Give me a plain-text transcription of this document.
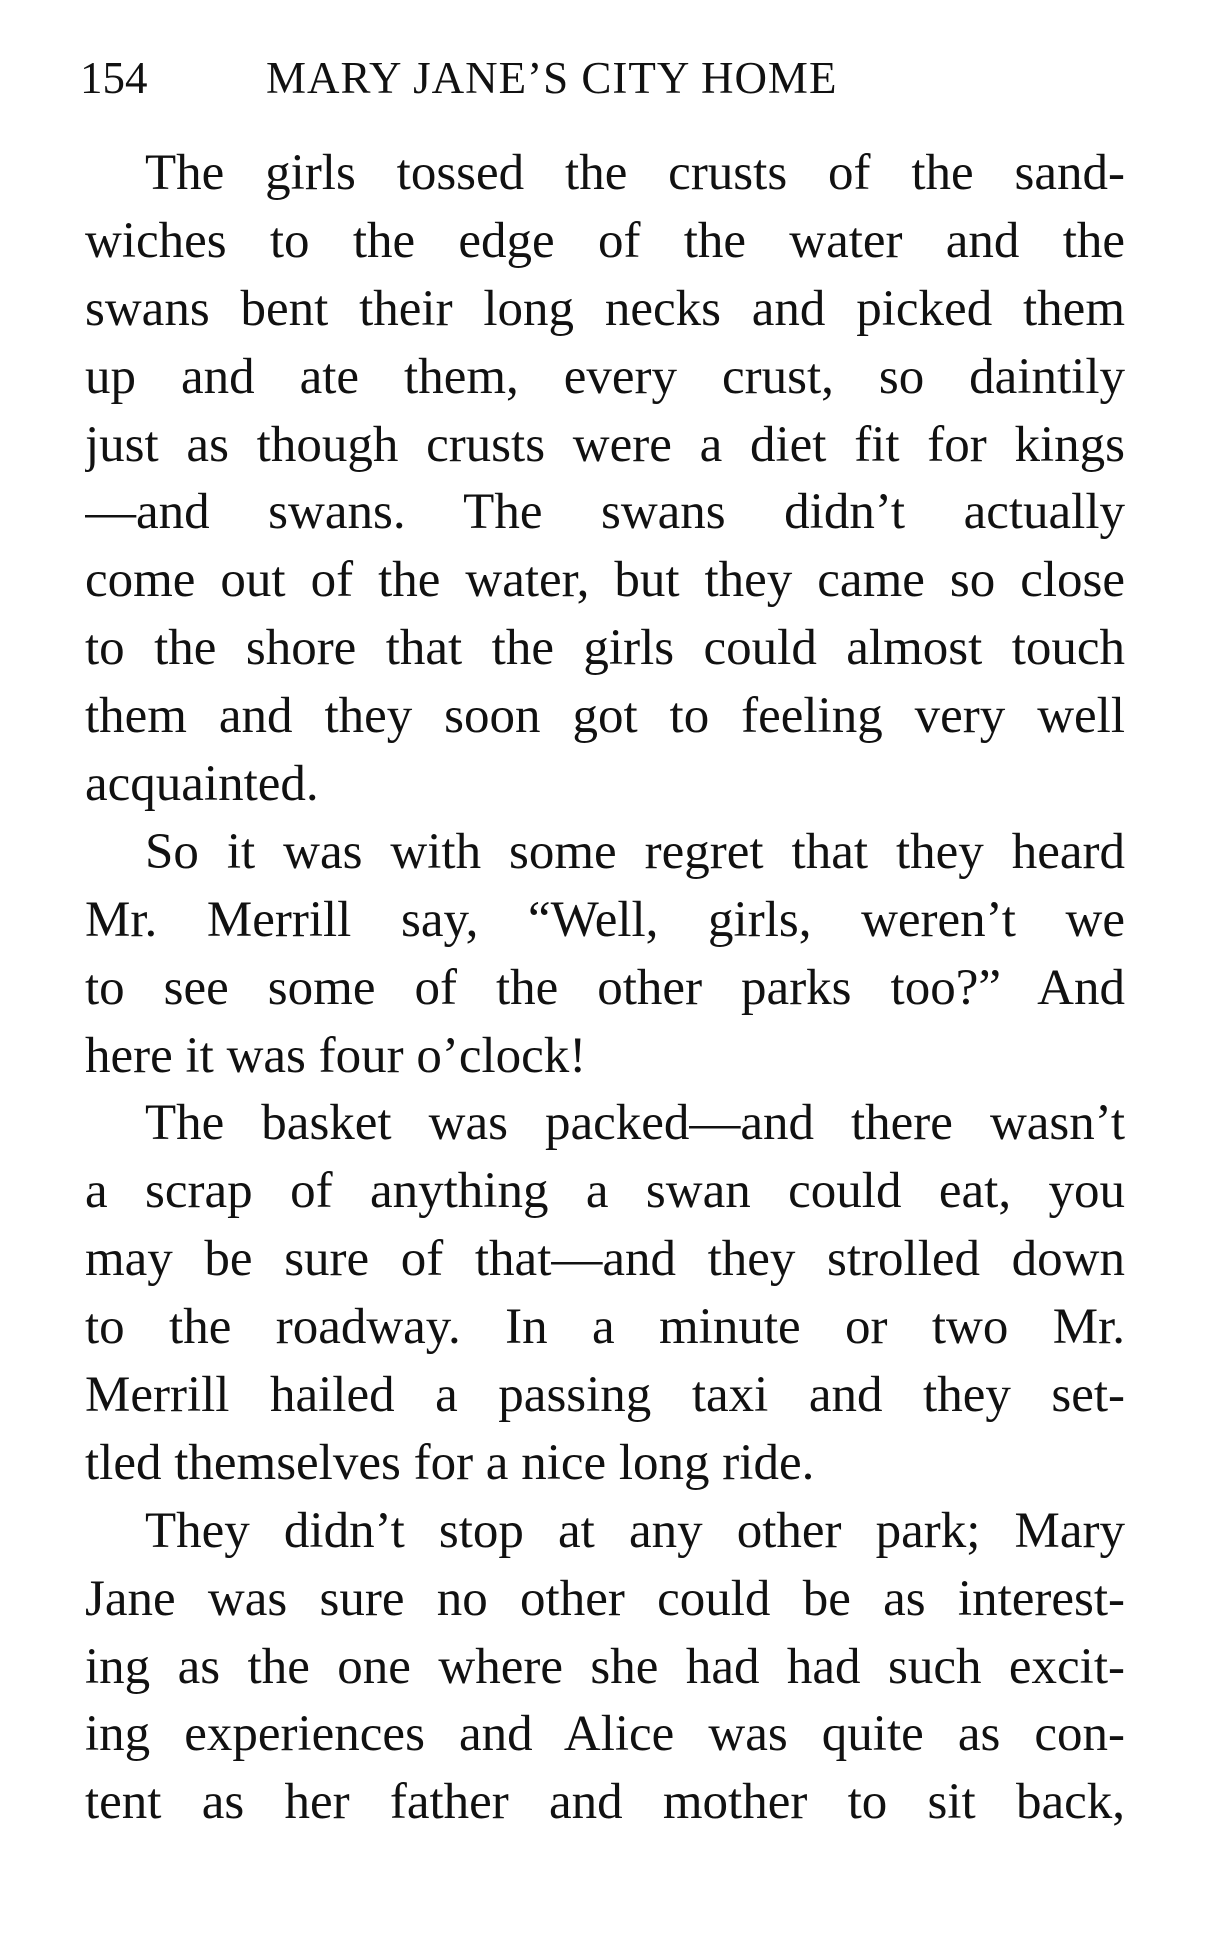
154	MARY JANE’S CITY HOME
The girls tossed the crusts of the sand-
wiches to the edge of the water and the
swans bent their long necks and picked them
up and ate them, every crust, so daintily
just as though crusts were a diet fit for kings
—and swans. The swans didn’t actually
come out of the water, but they came so close
to the shore that the girls could almost touch
them and they soon got to feeling very well
acquainted.
So it was with some regret that they heard
Mr. Merrill say, “Well, girls, weren’t we
to see some of the other parks too?” And
here it was four o’clock!
The basket was packed—and there wasn’t
a scrap of anything a swan could eat, you
may be sure of that—and they strolled down
to the roadway. In a minute or two Mr.
Merrill hailed a passing taxi and they set-
tled themselves for a nice long ride.
They didn’t stop at any other park; Mary
Jane was sure no other could be as interest-
ing as the one where she had had such excit-
ing experiences and Alice was quite as con-
tent as her father and mother to sit back,
